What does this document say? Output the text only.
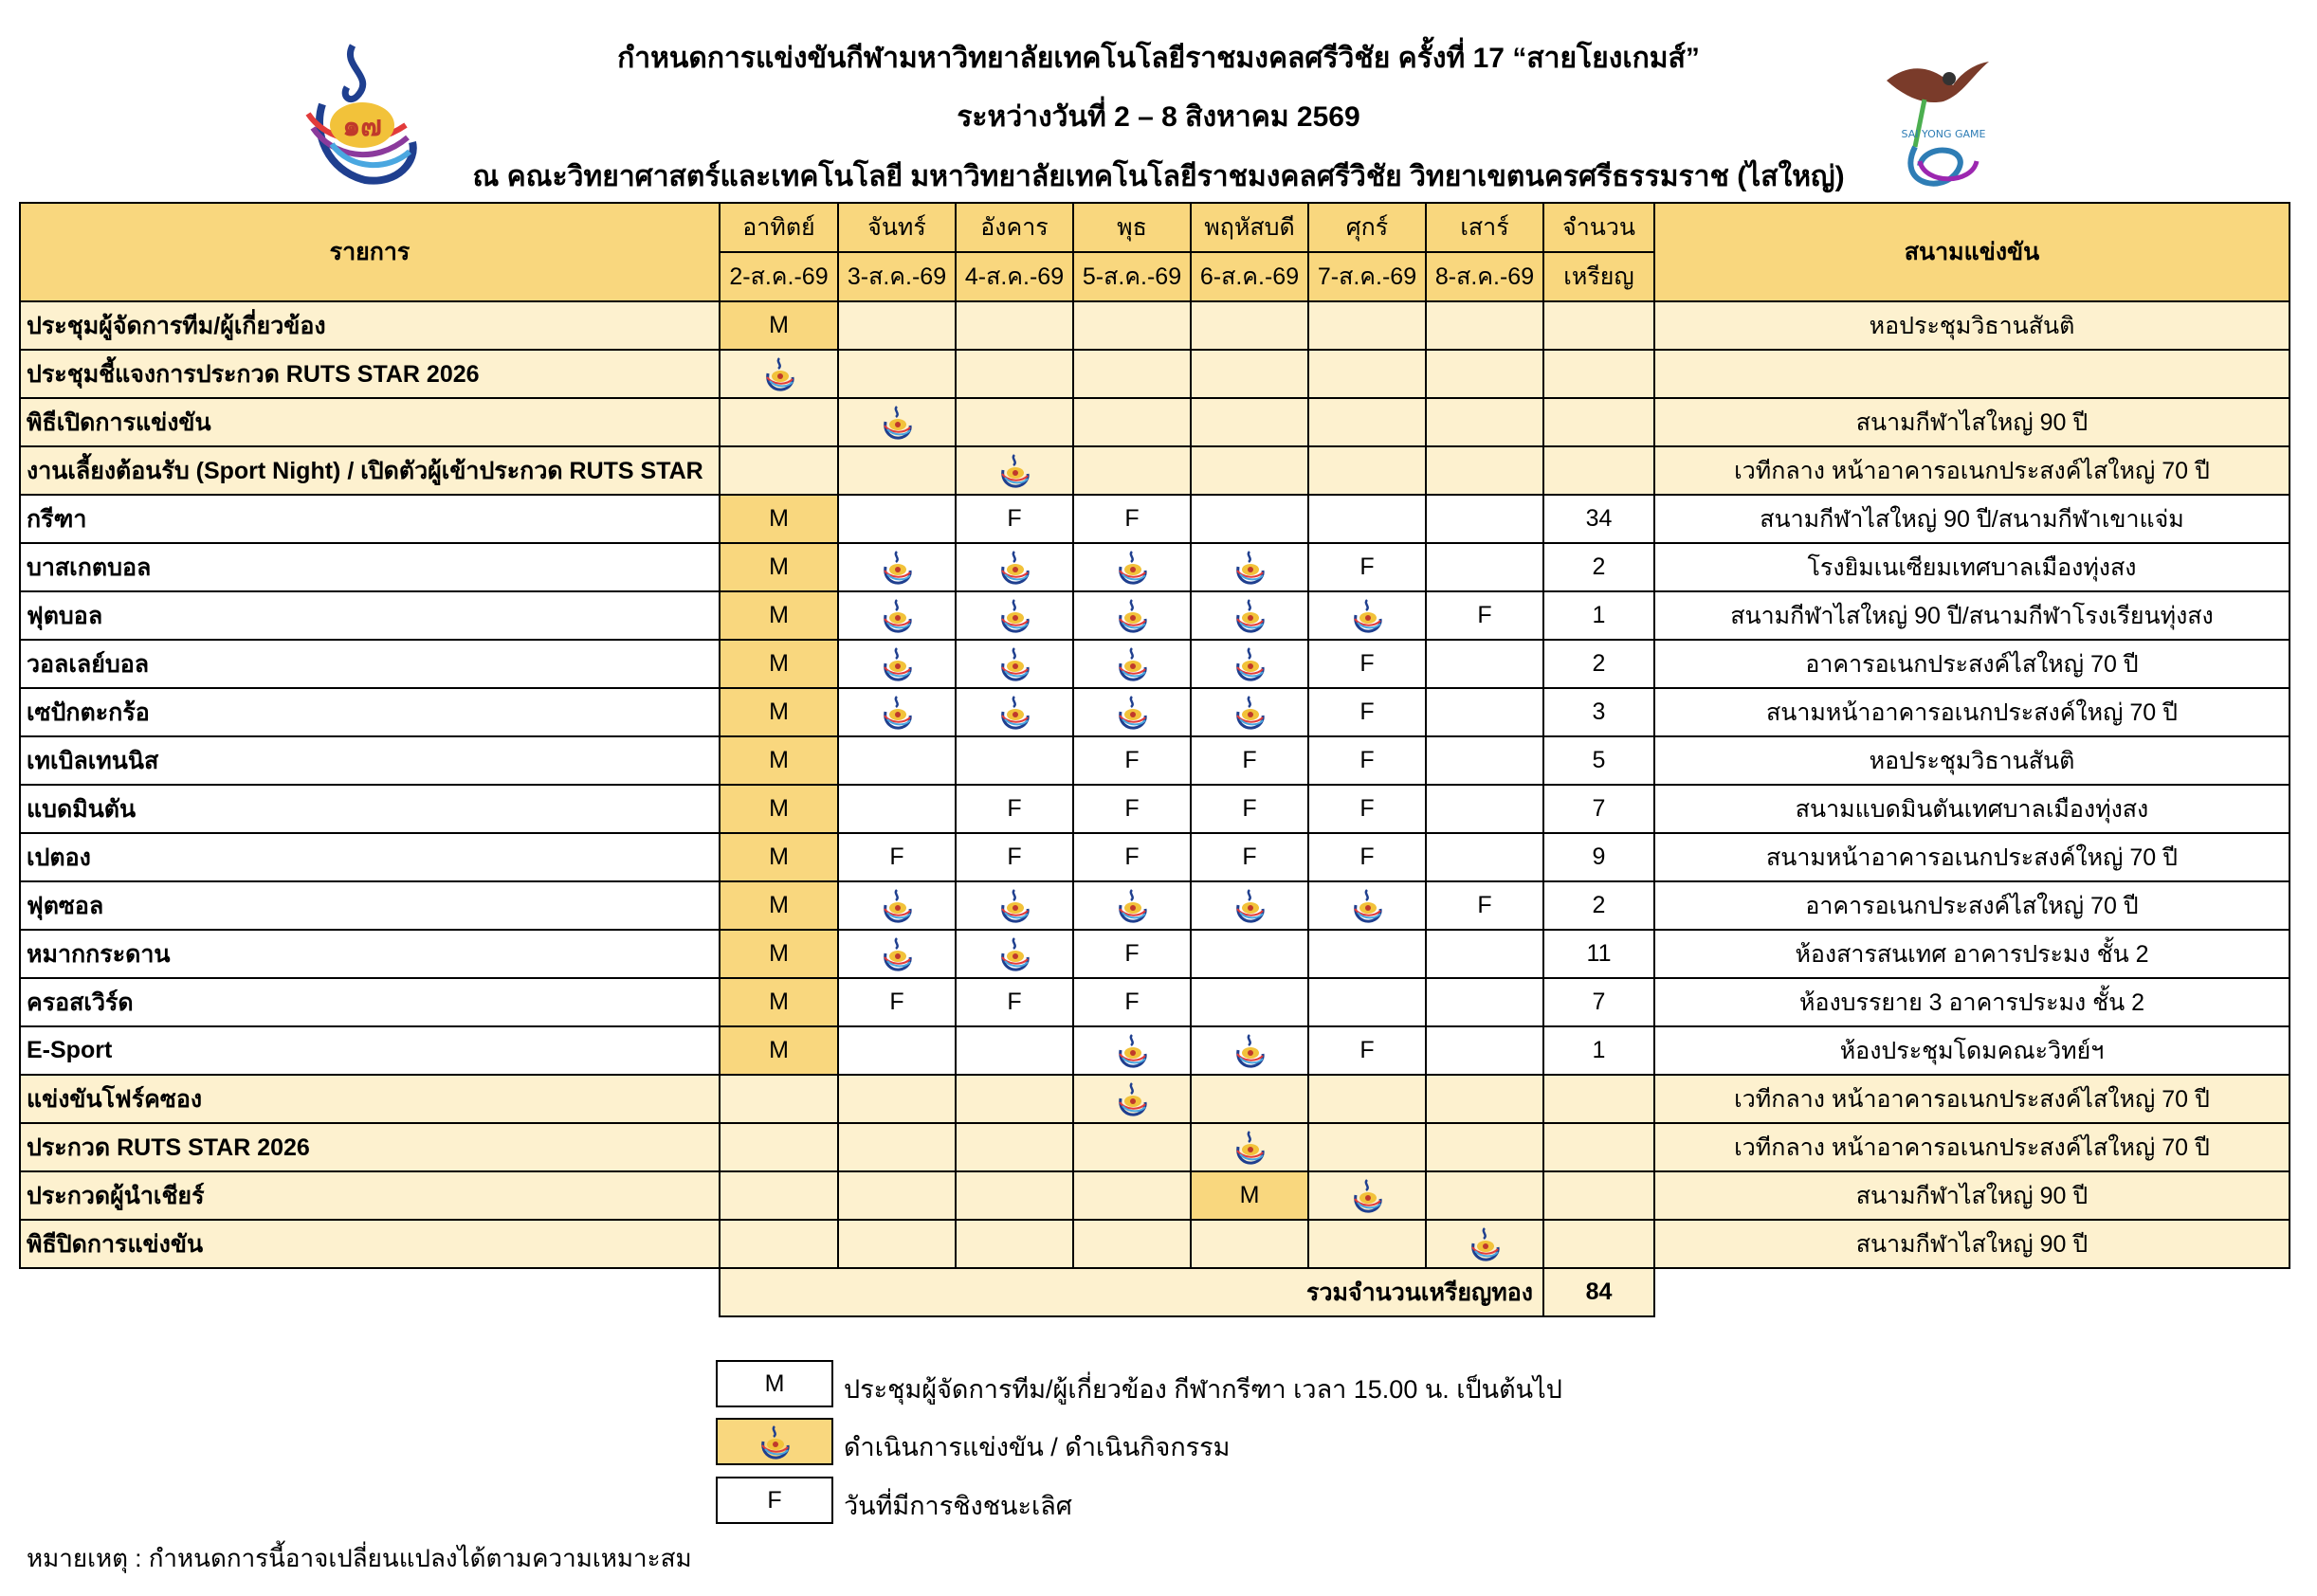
๑๗	SAI YONG GAME
กำหนดการแข่งขันกีฬามหาวิทยาลัยเทคโนโลยีราชมงคลศรีวิชัย ครั้งที่ 17 “สายโยงเกมส์”
ระหว่างวันที่ 2 – 8 สิงหาคม 2569
ณ คณะวิทยาศาสตร์และเทคโนโลยี มหาวิทยาลัยเทคโนโลยีราชมงคลศรีวิชัย วิทยาเขตนครศรีธรรมราช (ไสใหญ่)
รายการ	อาทิตย์	จันทร์	อังคาร	พุธ	พฤหัสบดี	ศุกร์	เสาร์	จำนวน	สนามแข่งขัน
	2-ส.ค.-69	3-ส.ค.-69	4-ส.ค.-69	5-ส.ค.-69	6-ส.ค.-69	7-ส.ค.-69	8-ส.ค.-69	เหรียญ	
ประชุมผู้จัดการทีม/ผู้เกี่ยวข้อง	M								หอประชุมวิธานสันติ
ประชุมชี้แจงการประกวด RUTS STAR 2026									
พิธีเปิดการแข่งขัน									สนามกีฬาไสใหญ่ 90 ปี
งานเลี้ยงต้อนรับ (Sport Night) / เปิดตัวผู้เข้าประกวด RUTS STAR									เวทีกลาง หน้าอาคารอเนกประสงค์ไสใหญ่ 70 ปี
กรีฑา	M		F	F				34	สนามกีฬาไสใหญ่ 90 ปี/สนามกีฬาเขาแจ่ม
บาสเกตบอล	M					F		2	โรงยิมเนเซียมเทศบาลเมืองทุ่งสง
ฟุตบอล	M						F	1	สนามกีฬาไสใหญ่ 90 ปี/สนามกีฬาโรงเรียนทุ่งสง
วอลเลย์บอล	M					F		2	อาคารอเนกประสงค์ไสใหญ่ 70 ปี
เซปักตะกร้อ	M					F		3	สนามหน้าอาคารอเนกประสงค์ใหญ่ 70 ปี
เทเบิลเทนนิส	M			F	F	F		5	หอประชุมวิธานสันติ
แบดมินตัน	M		F	F	F	F		7	สนามแบดมินตันเทศบาลเมืองทุ่งสง
เปตอง	M	F	F	F	F	F		9	สนามหน้าอาคารอเนกประสงค์ใหญ่ 70 ปี
ฟุตซอล	M						F	2	อาคารอเนกประสงค์ไสใหญ่ 70 ปี
หมากกระดาน	M			F				11	ห้องสารสนเทศ อาคารประมง ชั้น 2
ครอสเวิร์ด	M	F	F	F				7	ห้องบรรยาย 3 อาคารประมง ชั้น 2
E-Sport	M					F		1	ห้องประชุมโดมคณะวิทย์ฯ
แข่งขันโฟร์คซอง									เวทีกลาง หน้าอาคารอเนกประสงค์ไสใหญ่ 70 ปี
ประกวด RUTS STAR 2026									เวทีกลาง หน้าอาคารอเนกประสงค์ไสใหญ่ 70 ปี
ประกวดผู้นำเชียร์					M				สนามกีฬาไสใหญ่ 90 ปี
พิธีปิดการแข่งขัน									สนามกีฬาไสใหญ่ 90 ปี
	รวมจำนวนเหรียญทอง							84	
M	ประชุมผู้จัดการทีม/ผู้เกี่ยวข้อง กีฬากรีฑา เวลา 15.00 น. เป็นต้นไป
ดำเนินการแข่งขัน / ดำเนินกิจกรรม
F	วันที่มีการชิงชนะเลิศ
หมายเหตุ : กำหนดการนี้อาจเปลี่ยนแปลงได้ตามความเหมาะสม
